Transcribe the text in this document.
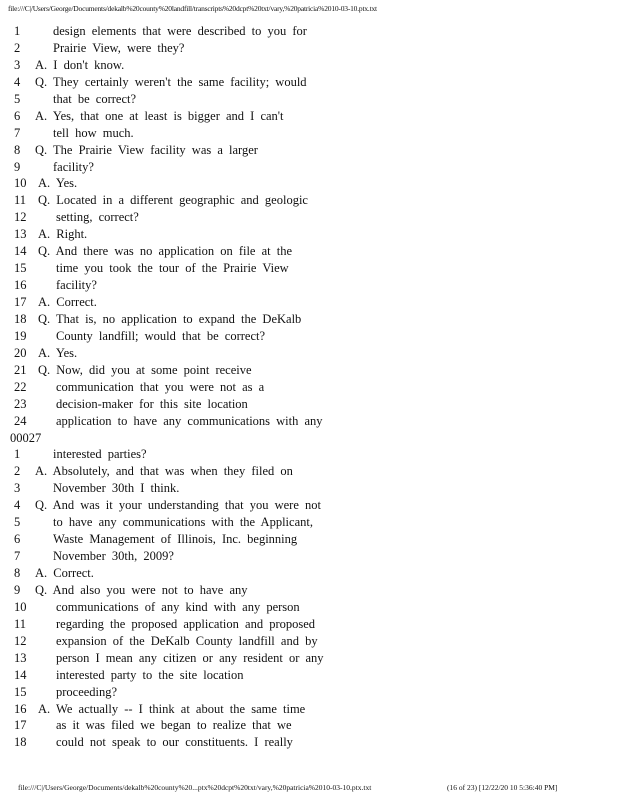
file:///C|/Users/George/Documents/dekalb%20county%20landfill/transcripts%20dcpt%20txt/vary,%20patricia%2010-03-10.ptx.txt
1	design elements that were described to you for
2	Prairie View, were they?
3 A. I don't know.
4 Q. They certainly weren't the same facility; would
5	that be correct?
6 A. Yes, that one at least is bigger and I can't
7	tell how much.
8 Q. The Prairie View facility was a larger
9	facility?
10 A. Yes.
11 Q. Located in a different geographic and geologic
12 setting, correct?
13 A. Right.
14 Q. And there was no application on file at the
15 time you took the tour of the Prairie View
16 facility?
17 A. Correct.
18 Q. That is, no application to expand the DeKalb
19 County landfill; would that be correct?
20 A. Yes.
21 Q. Now, did you at some point receive
22 communication that you were not as a
23 decision-maker for this site location
24 application to have any communications with any
00027
1	interested parties?
2 A. Absolutely, and that was when they filed on
3	November 30th I think.
4 Q. And was it your understanding that you were not
5	to have any communications with the Applicant,
6	Waste Management of Illinois, Inc. beginning
7	November 30th, 2009?
8 A. Correct.
9 Q. And also you were not to have any
10 communications of any kind with any person
11 regarding the proposed application and proposed
12 expansion of the DeKalb County landfill and by
13 person I mean any citizen or any resident or any
14 interested party to the site location
15 proceeding?
16 A. We actually -- I think at about the same time
17 as it was filed we began to realize that we
18 could not speak to our constituents. I really
file:///C|/Users/George/Documents/dekalb%20county%20...ptx%20dcpt%20txt/vary,%20patricia%2010-03-10.ptx.txt	(16 of 23) [12/22/20 10 5:36:40 PM]
